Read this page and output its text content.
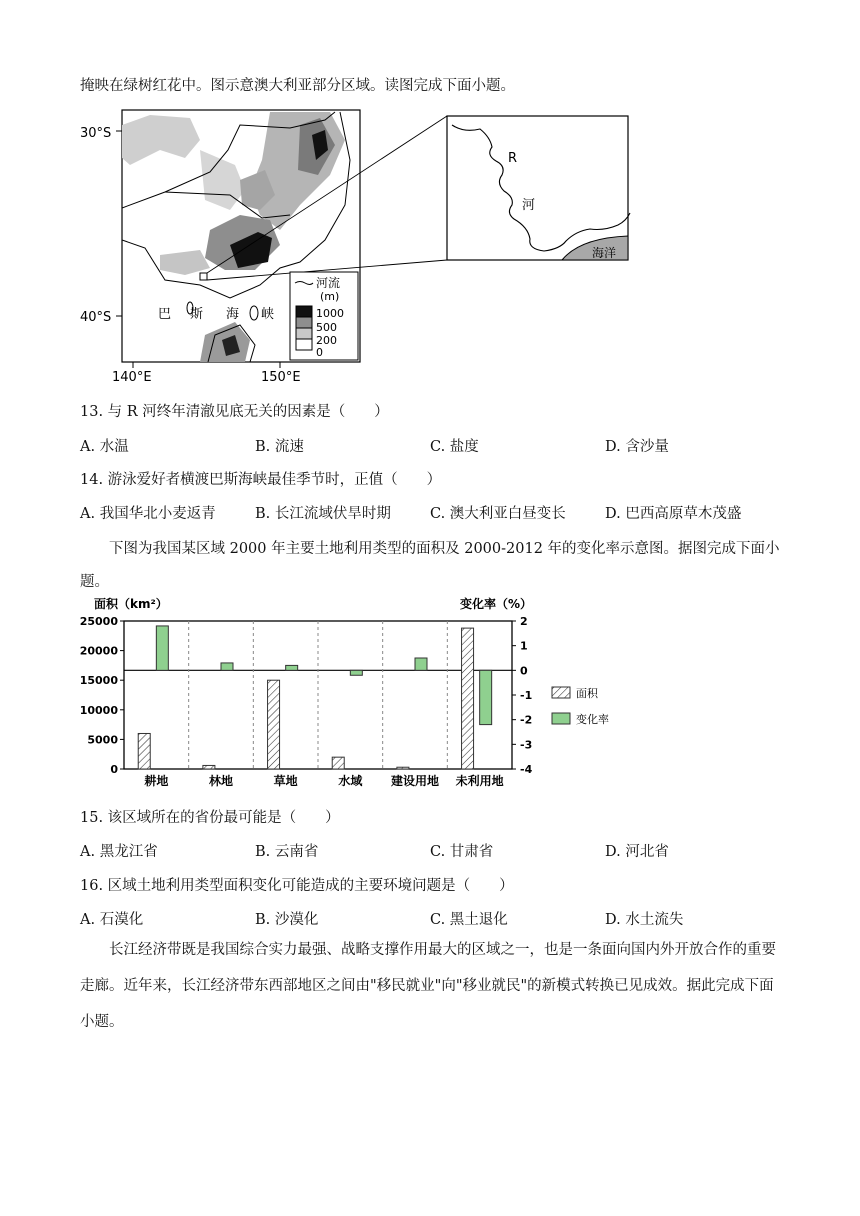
掩映在绿树红花中。图示意澳大利亚部分区域。读图完成下面小题。
30°S
40°S
140°E	150°E
巴 斯 海 峡
河流
(m)
1000
500
200
0
R
河
海洋
13. 与 R 河终年清澈见底无关的因素是（　　）
A. 水温	B. 流速	C. 盐度	D. 含沙量
14. 游泳爱好者横渡巴斯海峡最佳季节时，正值（　　）
A. 我国华北小麦返青	B. 长江流域伏旱时期	C. 澳大利亚白昼变长	D. 巴西高原草木茂盛
下图为我国某区域 2000 年主要土地利用类型的面积及 2000-2012 年的变化率示意图。据图完成下面小
题。
面积（km²）	变化率（%）
25000
20000
15000
10000
5000
0
2
1
0
-1
-2
-3
-4
耕地	林地	草地	水域 建设用地 未利用地
面积
变化率
15. 该区域所在的省份最可能是（　　）
A. 黑龙江省	B. 云南省	C. 甘肃省	D. 河北省
16. 区域土地利用类型面积变化可能造成的主要环境问题是（　　）
A. 石漠化	B. 沙漠化	C. 黑土退化	D. 水土流失
长江经济带既是我国综合实力最强、战略支撑作用最大的区域之一，也是一条面向国内外开放合作的重要走廊。近年来，长江经济带东西部地区之间由"移民就业"向"移业就民"的新模式转换已见成效。据此完成下面小题。
